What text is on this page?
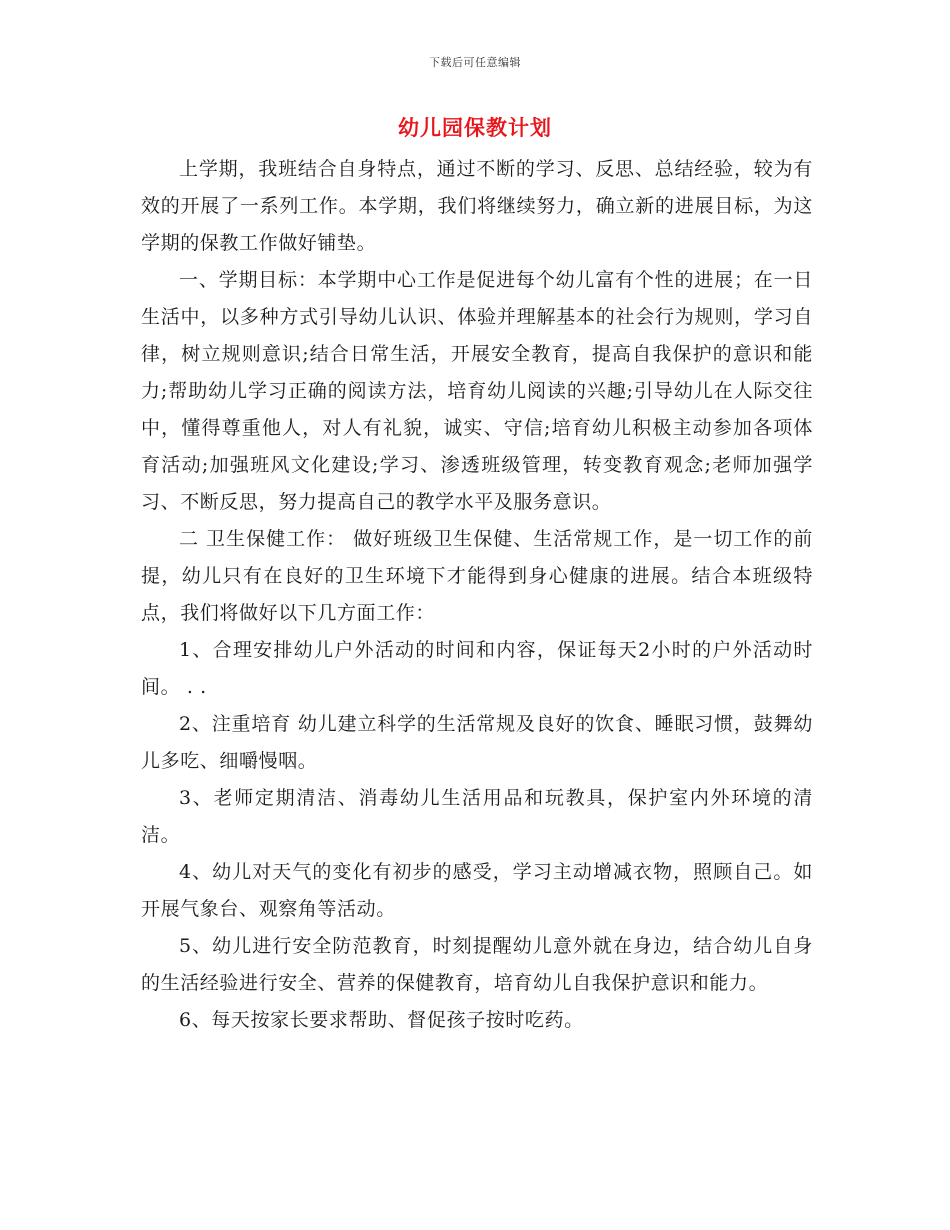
下载后可任意编辑
幼儿园保教计划

上学期，我班结合自身特点，通过不断的学习、反思、总结经验，较为有效的开展了一系列工作。本学期，我们将继续努力，确立新的进展目标，为这学期的保教工作做好铺垫。

一、学期目标：本学期中心工作是促进每个幼儿富有个性的进展；在一日生活中，以多种方式引导幼儿认识、体验并理解基本的社会行为规则，学习自律，树立规则意识;结合日常生活，开展安全教育，提高自我保护的意识和能力;帮助幼儿学习正确的阅读方法，培育幼儿阅读的兴趣;引导幼儿在人际交往中，懂得尊重他人，对人有礼貌，诚实、守信;培育幼儿积极主动参加各项体育活动;加强班风文化建设;学习、渗透班级管理，转变教育观念;老师加强学习、不断反思，努力提高自己的教学水平及服务意识。

二 卫生保健工作： 做好班级卫生保健、生活常规工作，是一切工作的前提，幼儿只有在良好的卫生环境下才能得到身心健康的进展。结合本班级特点，我们将做好以下几方面工作：

1、合理安排幼儿户外活动的时间和内容，保证每天2小时的户外活动时间。 . .

2、注重培育 幼儿建立科学的生活常规及良好的饮食、睡眠习惯，鼓舞幼儿多吃、细嚼慢咽。

3、老师定期清洁、消毒幼儿生活用品和玩教具，保护室内外环境的清洁。

4、幼儿对天气的变化有初步的感受，学习主动增减衣物，照顾自己。如开展气象台、观察角等活动。

5、幼儿进行安全防范教育，时刻提醒幼儿意外就在身边，结合幼儿自身的生活经验进行安全、营养的保健教育，培育幼儿自我保护意识和能力。

6、每天按家长要求帮助、督促孩子按时吃药。
